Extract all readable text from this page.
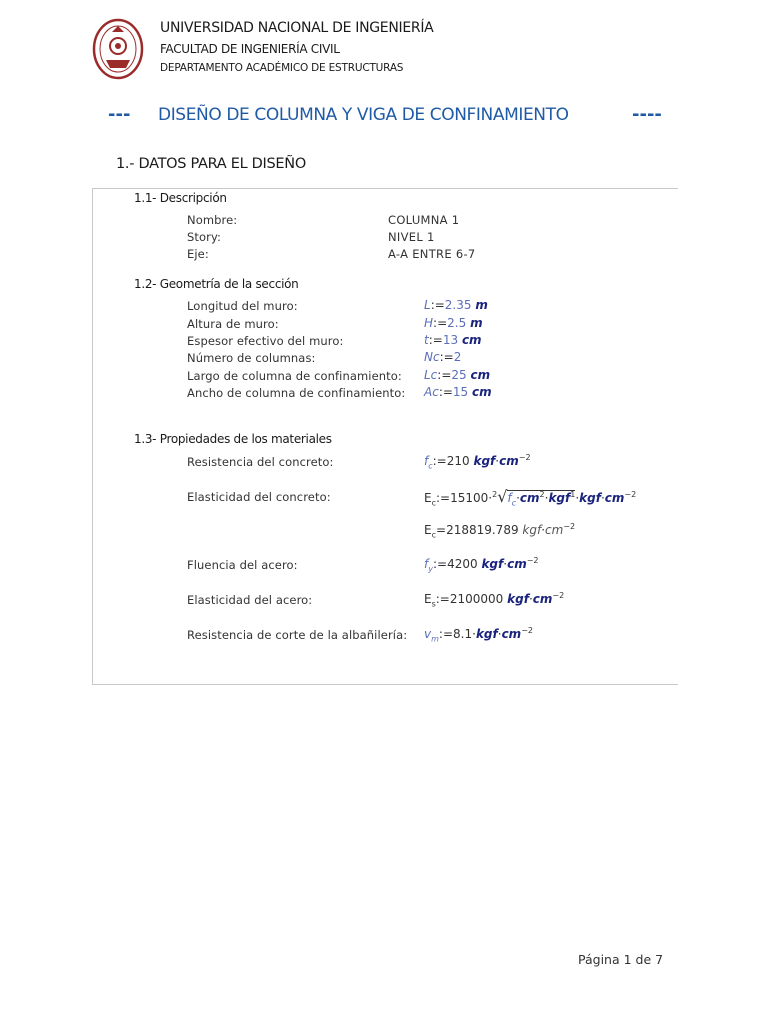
UNIVERSIDAD NACIONAL DE INGENIERÍA
FACULTAD DE INGENIERÍA CIVIL
DEPARTAMENTO ACADÉMICO DE ESTRUCTURAS
--- DISEÑO DE COLUMNA Y VIGA DE CONFINAMIENTO	----
1.- DATOS PARA EL DISEÑO
1.1- Descripción
Nombre:	COLUMNA 1
Story:	NIVEL 1
Eje:	A-A ENTRE 6-7
1.2- Geometría de la sección
Longitud del muro:	L:=2.35 m
Altura de muro:	H:=2.5 m
Espesor efectivo del muro:	t:=13 cm
Número de columnas:	Nc:=2
Largo de columna de confinamiento: Lc:=25 cm
Ancho de columna de confinamiento: Ac:=15 cm
1.3- Propiedades de los materiales
Resistencia del concreto:	$f_c:=210$ $kgf\cdot cm^{-2}$
Elasticidad del concreto:	$E_c:=15100\cdot^2√f_c\cdot cm^2\cdot kgf^1\cdot kgf\cdot cm^{-2}$
$E_c=218819.789$ $kgf\cdot cm^{-2}$
Fluencia del acero:	$f_y:=4200$ $kgf\cdot cm^{-2}$
Elasticidad del acero:	$E_s:=2100000$ $kgf\cdot cm^{-2}$
Resistencia de corte de la albañilería: $v_m:=8.1\cdot kgf\cdot cm^{-2}$
Página 1 de 7
